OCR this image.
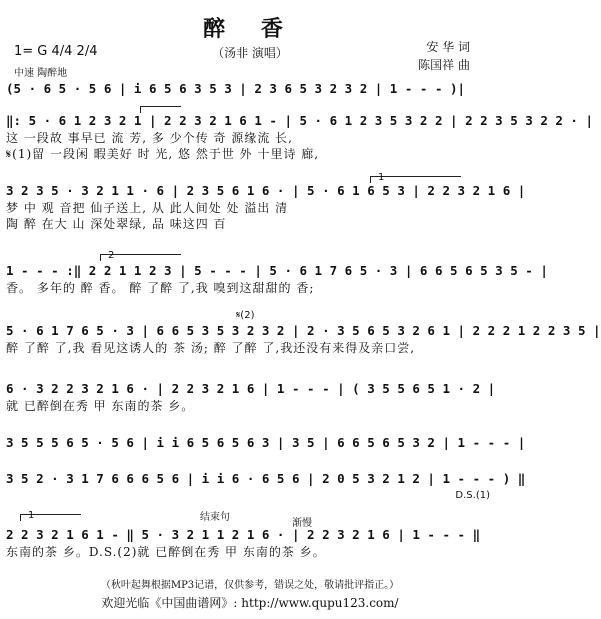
醉 香
（汤非 演唱）	安 华 词
陈国祥 曲
1= G 4/4 2/4
中速 陶醉地
(5 · 6 5 · 5 6 | i 6 5 6 3 5 3 | 2 3 6 5 3 2 3 2 | 1 - - - )|
‖: 5 · 6 1 2 3 2 1 | 2 2 3 2 1 6 1 - | 5 · 6 1 2 3 5 3 2 2 | 2 2 3 5 3 2 2 · |
这 一段故 事早已 流 芳, 多 少个传 奇 源缘流 长,
𝄋(1)留 一段闲 暇美好 时 光, 悠 然于世 外 十里诗 廊,
1
3 2 3 5 · 3 2 1 1 · 6 | 2 3 5 6 1 6 · | 5 · 6 1 6 5 3 | 2 2 3 2 1 6 |
梦 中 观 音把 仙子送上, 从 此人间处 处 溢出 清
陶 醉 在大 山 深处翠绿, 品 味这四 百
2
1 - - - :‖ 2 2 1 1 2 3 | 5 - - - | 5 · 6 1 7 6 5 · 3 | 6 6 5 6 5 3 5 - |
香。 多年的 醉 香。 醉 了醉 了,我 嗅到这甜甜的 香;
𝄋(2)
5 · 6 1 7 6 5 · 3 | 6 6 5 3 5 3 2 3 2 | 2 · 3 5 6 5 3 2 6 1 | 2 2 2 1 2 2 3 5 |
醉 了醉 了,我 看见这诱人的 茶 汤; 醉 了醉 了,我还没有来得及亲口尝,
6 · 3 2 2 3 2 1 6 · | 2 2 3 2 1 6 | 1 - - - | ( 3 5 5 6 5 1 · 2 |
就 已醉倒在秀 甲 东南的茶 乡。
3 5 5 5 6 5 · 5 6 | i i 6 5 6 5 6 3 | 3 5 | 6 6 5 6 5 3 2 | 1 - - - |
3 5 2 · 3 1 7 6 6 6 5 6 | i i 6 · 6 5 6 | 2 0 5 3 2 1 2 | 1 - - - ) ‖
D.S.(1)
1	结束句
渐慢
2 2 3 2 1 6 1 - ‖ 5 · 3 2 1 1 2 1 6 · | 2 2 3 2 1 6 | 1 - - - ‖
东南的茶 乡。D.S.(2)就 已醉倒在秀 甲 东南的茶 乡。
（秋叶起舞根据MP3记谱，仅供参考，错误之处，敬请批评指正。）
欢迎光临《中国曲谱网》: http://www.qupu123.com/
